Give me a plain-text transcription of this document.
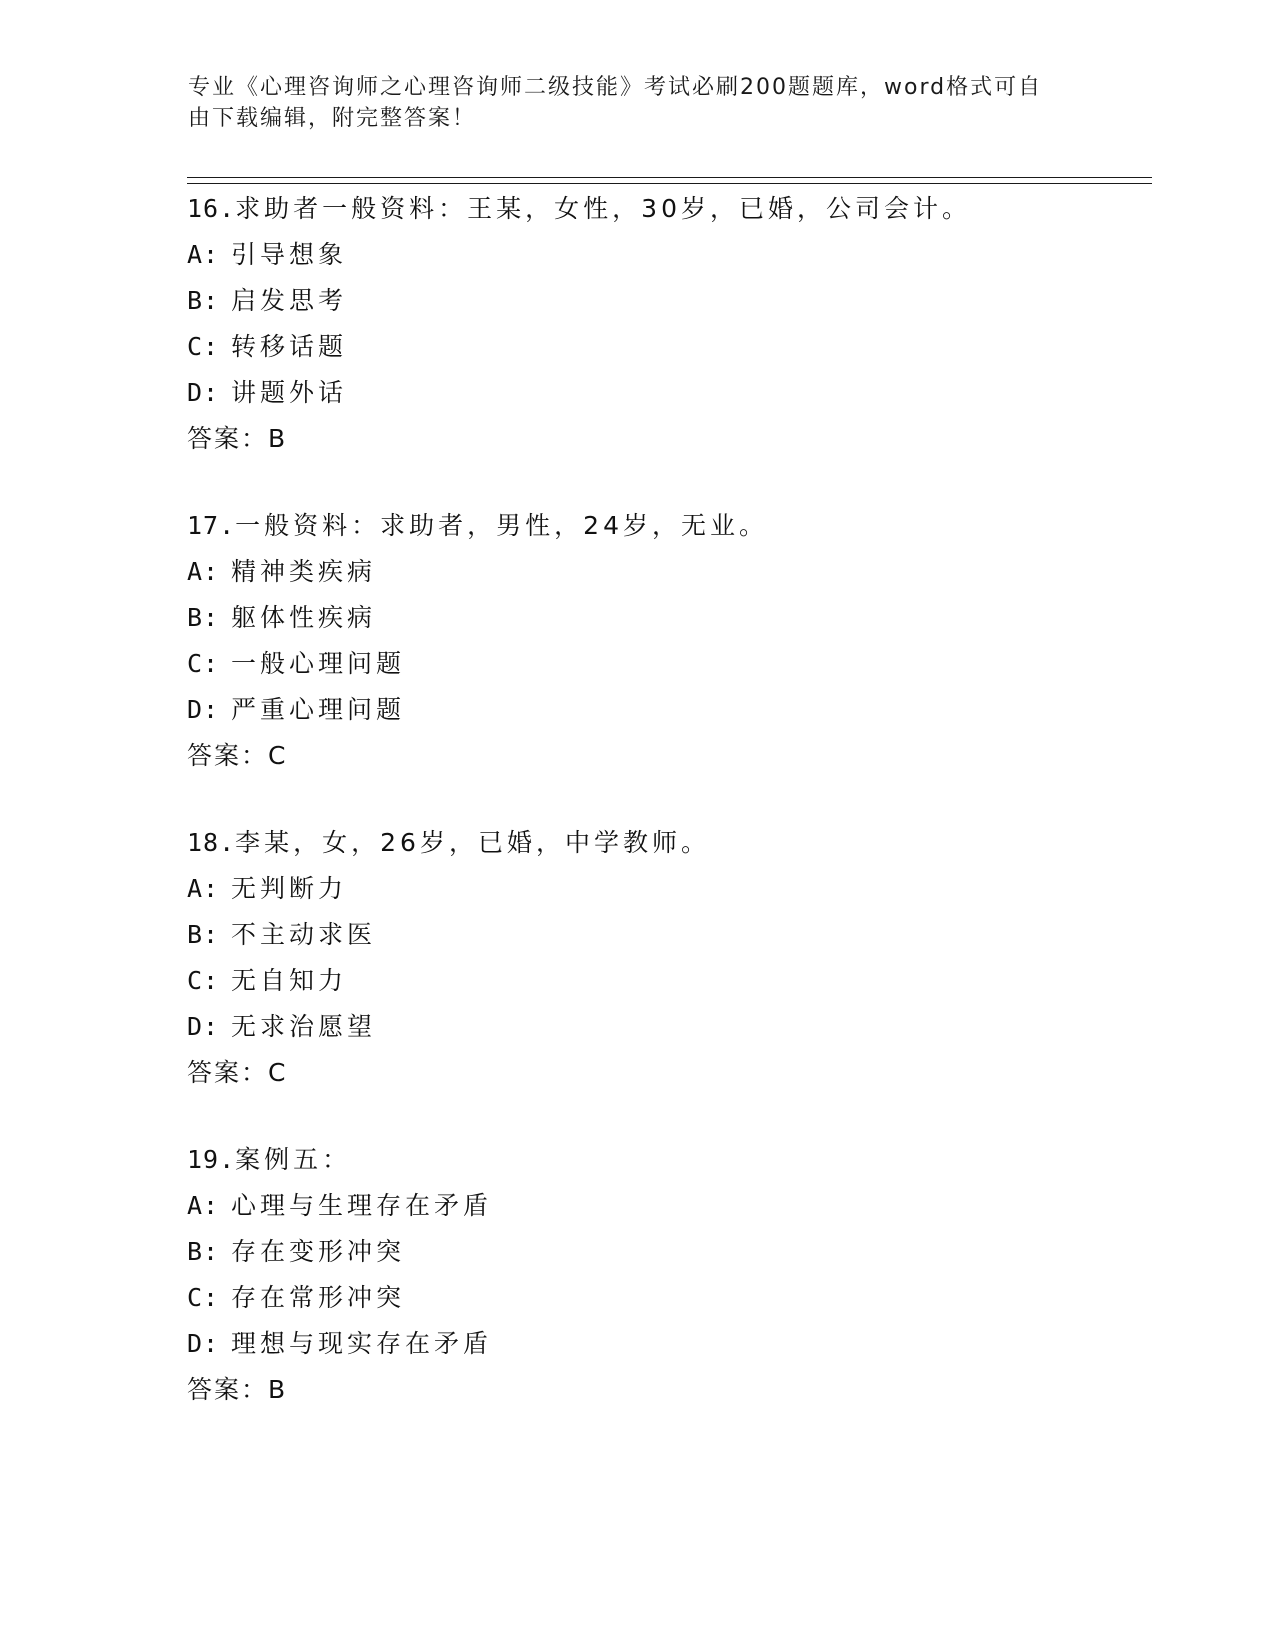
专业《心理咨询师之心理咨询师二级技能》考试必刷200题题库，word格式可自
由下载编辑，附完整答案！
16.求助者一般资料：王某，女性，30岁，已婚，公司会计。
A: 引导想象
B: 启发思考
C: 转移话题
D: 讲题外话
答案：B
17.一般资料：求助者，男性，24岁，无业。
A: 精神类疾病
B: 躯体性疾病
C: 一般心理问题
D: 严重心理问题
答案：C
18.李某，女，26岁，已婚，中学教师。
A: 无判断力
B: 不主动求医
C: 无自知力
D: 无求治愿望
答案：C
19.案例五：
A: 心理与生理存在矛盾
B: 存在变形冲突
C: 存在常形冲突
D: 理想与现实存在矛盾
答案：B
